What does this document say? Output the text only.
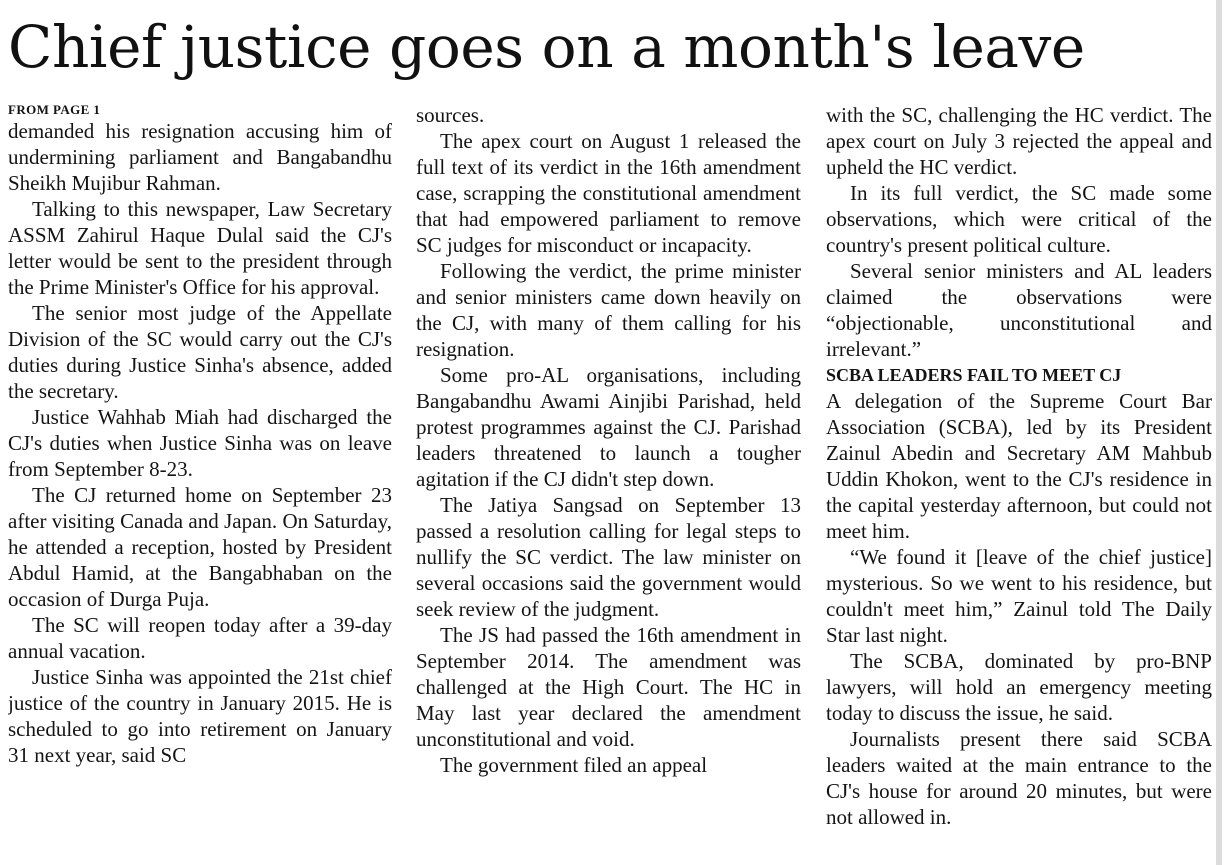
Chief justice goes on a month's leave
FROM PAGE 1

demanded his resignation accusing him of undermining parliament and Bangabandhu Sheikh Mujibur Rahman.

Talking to this newspaper, Law Secretary ASSM Zahirul Haque Dulal said the CJ's letter would be sent to the president through the Prime Minister's Office for his approval.

The senior most judge of the Appellate Division of the SC would carry out the CJ's duties during Justice Sinha's absence, added the secretary.

Justice Wahhab Miah had discharged the CJ's duties when Justice Sinha was on leave from September 8-23.

The CJ returned home on September 23 after visiting Canada and Japan. On Saturday, he attended a reception, hosted by President Abdul Hamid, at the Bangabhaban on the occasion of Durga Puja.

The SC will reopen today after a 39-day annual vacation.

Justice Sinha was appointed the 21st chief justice of the country in January 2015. He is scheduled to go into retirement on January 31 next year, said SC

sources.

The apex court on August 1 released the full text of its verdict in the 16th amendment case, scrapping the constitutional amendment that had empowered parliament to remove SC judges for misconduct or incapacity.

Following the verdict, the prime minister and senior ministers came down heavily on the CJ, with many of them calling for his resignation.

Some pro-AL organisations, including Bangabandhu Awami Ainjibi Parishad, held protest programmes against the CJ. Parishad leaders threatened to launch a tougher agitation if the CJ didn't step down.

The Jatiya Sangsad on September 13 passed a resolution calling for legal steps to nullify the SC verdict. The law minister on several occasions said the government would seek review of the judgment.

The JS had passed the 16th amendment in September 2014. The amendment was challenged at the High Court. The HC in May last year declared the amendment unconstitutional and void.

The government filed an appeal

with the SC, challenging the HC verdict. The apex court on July 3 rejected the appeal and upheld the HC verdict.

In its full verdict, the SC made some observations, which were critical of the country's present political culture.

Several senior ministers and AL leaders claimed the observations were “objectionable, unconstitutional and irrelevant.”

SCBA LEADERS FAIL TO MEET CJ

A delegation of the Supreme Court Bar Association (SCBA), led by its President Zainul Abedin and Secretary AM Mahbub Uddin Khokon, went to the CJ's residence in the capital yesterday afternoon, but could not meet him.

“We found it [leave of the chief justice] mysterious. So we went to his residence, but couldn't meet him,” Zainul told The Daily Star last night.

The SCBA, dominated by pro-BNP lawyers, will hold an emergency meeting today to discuss the issue, he said.

Journalists present there said SCBA leaders waited at the main entrance to the CJ's house for around 20 minutes, but were not allowed in.
